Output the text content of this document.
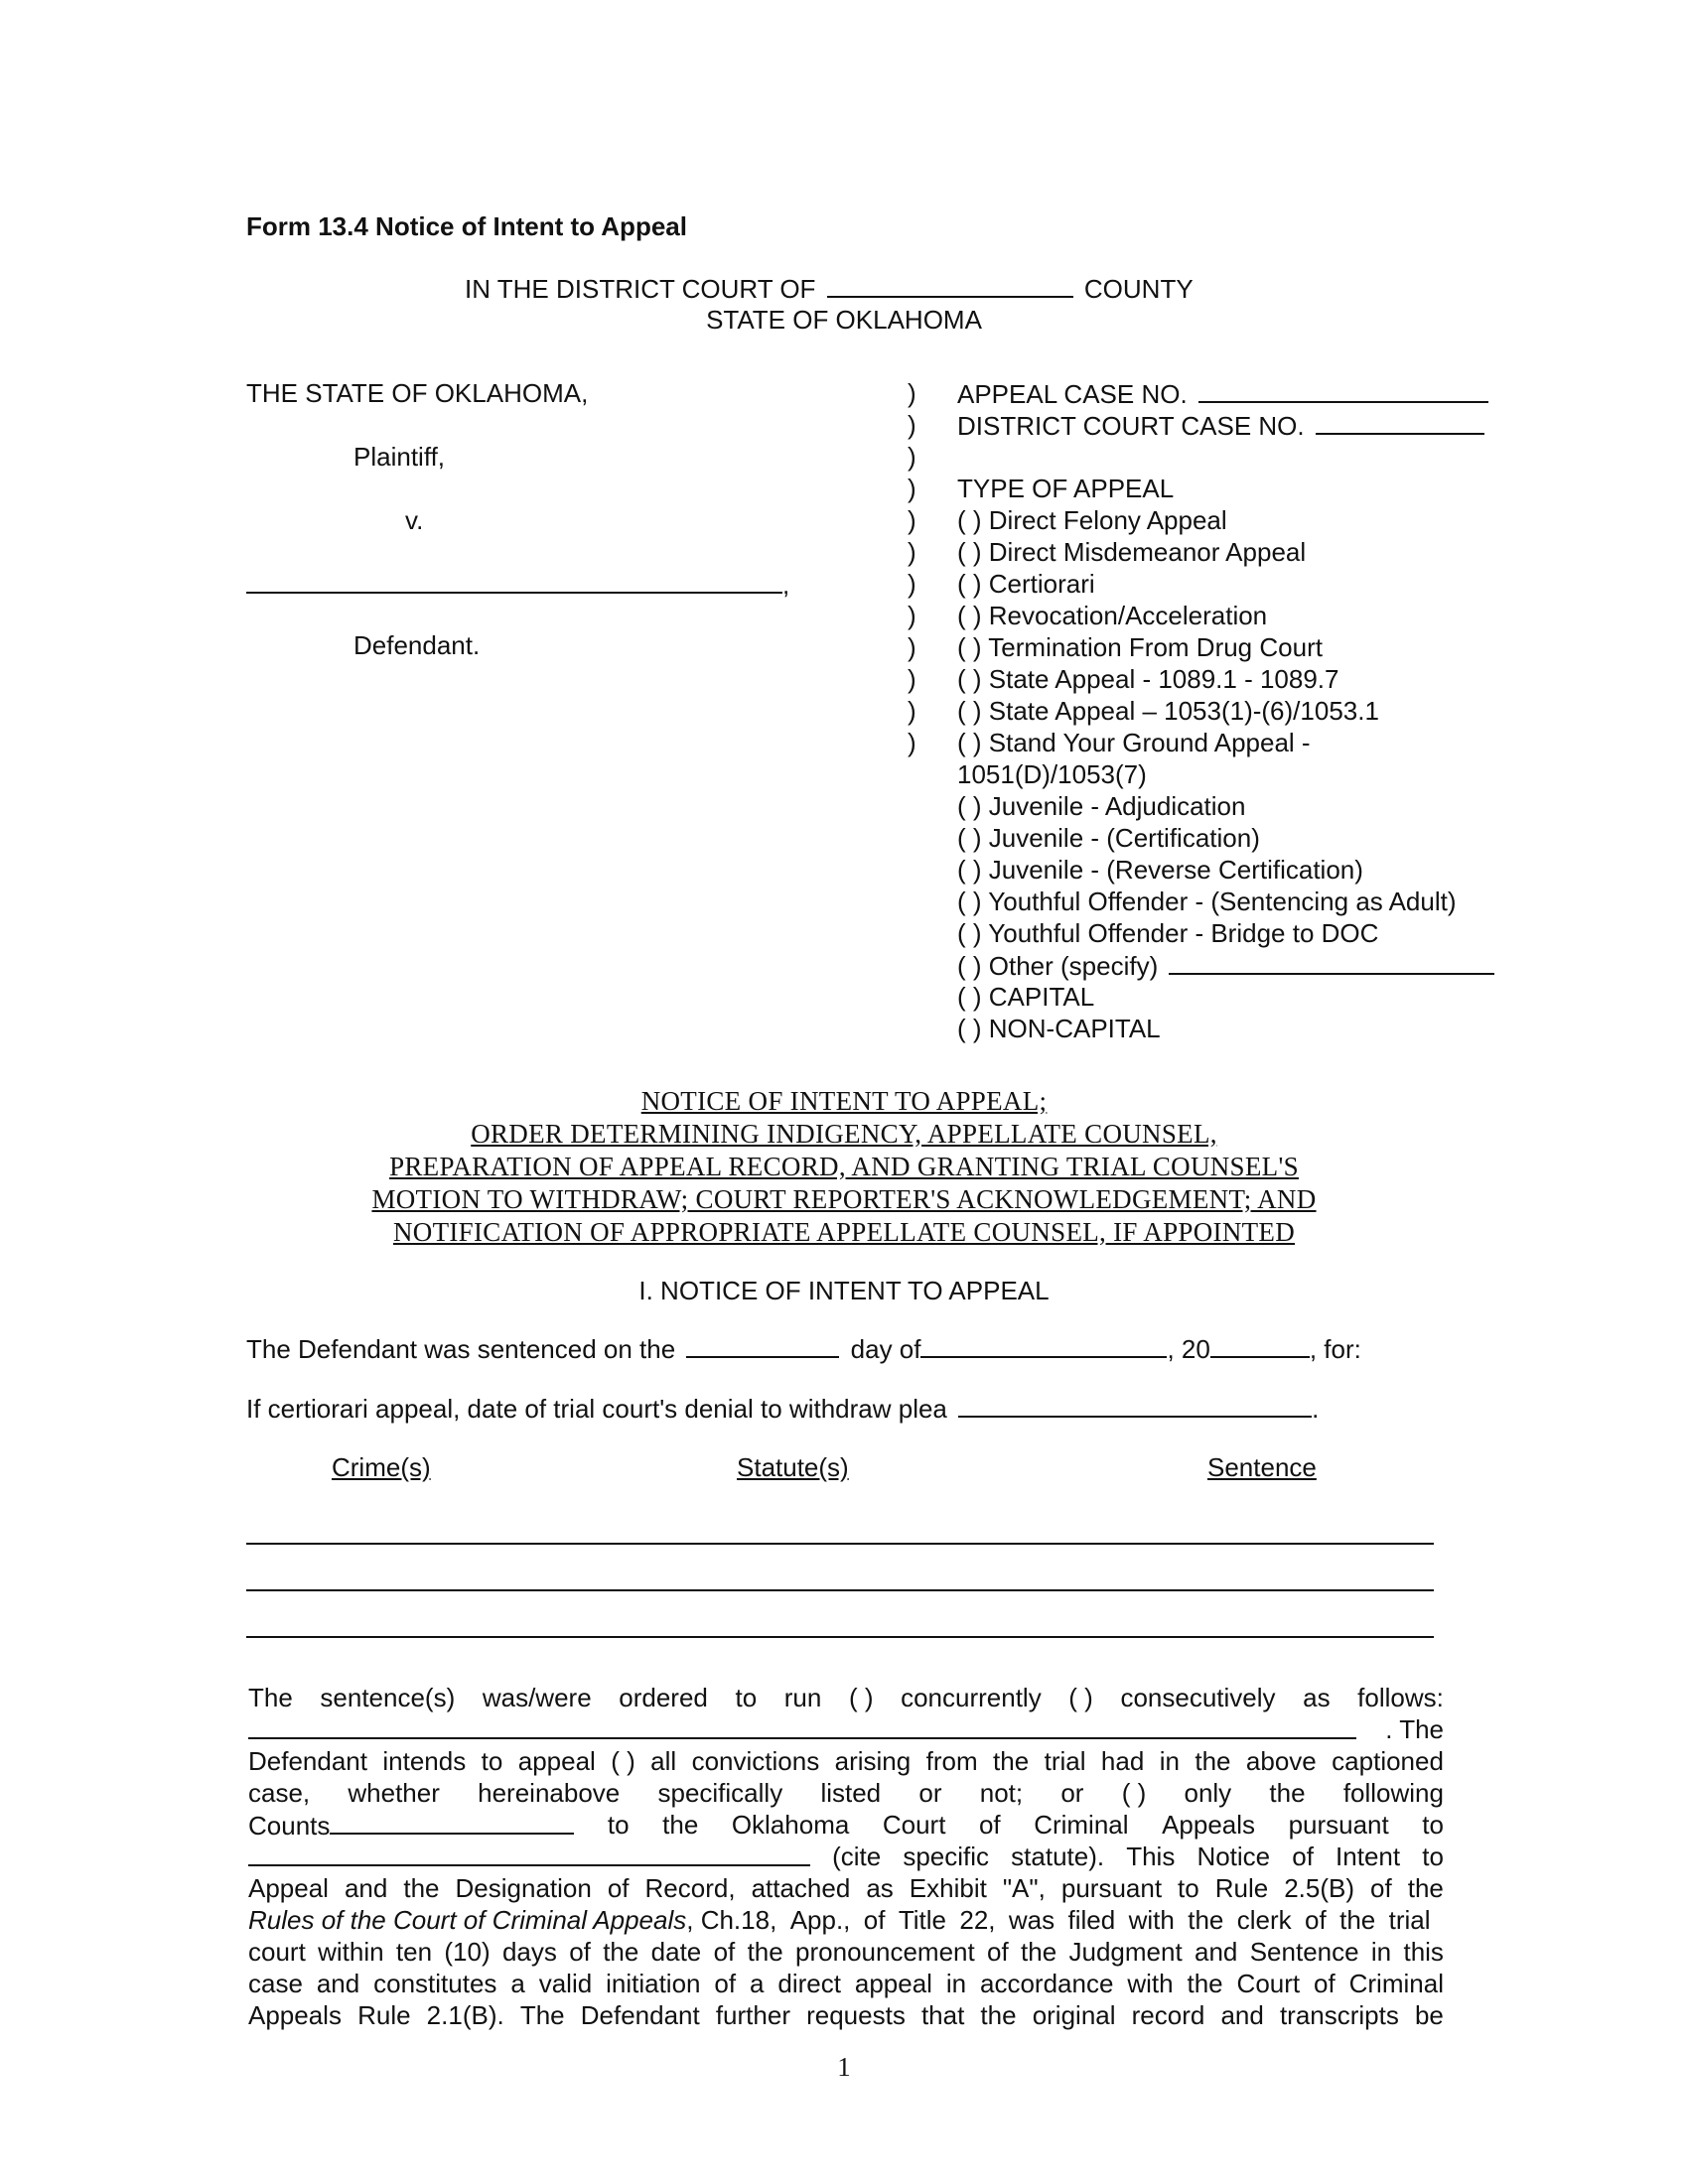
Form 13.4 Notice of Intent to Appeal
IN THE DISTRICT COURT OF	COUNTY
STATE OF OKLAHOMA
THE STATE OF OKLAHOMA,
Plaintiff,
v.
,
Defendant.
)
)
)
)
)
)
)
)
)
)
)
)
APPEAL CASE NO.
DISTRICT COURT CASE NO.
TYPE OF APPEAL
( ) Direct Felony Appeal
( ) Direct Misdemeanor Appeal
( ) Certiorari
( ) Revocation/Acceleration
( ) Termination From Drug Court
( ) State Appeal - 1089.1 - 1089.7
( ) State Appeal – 1053(1)-(6)/1053.1
( ) Stand Your Ground Appeal -
1051(D)/1053(7)
( ) Juvenile - Adjudication
( ) Juvenile - (Certification)
( ) Juvenile - (Reverse Certification)
( ) Youthful Offender - (Sentencing as Adult)
( ) Youthful Offender - Bridge to DOC
( ) Other (specify)
( ) CAPITAL
( ) NON-CAPITAL
NOTICE OF INTENT TO APPEAL;
ORDER DETERMINING INDIGENCY, APPELLATE COUNSEL,
PREPARATION OF APPEAL RECORD, AND GRANTING TRIAL COUNSEL'S
MOTION TO WITHDRAW; COURT REPORTER'S ACKNOWLEDGEMENT; AND
NOTIFICATION OF APPROPRIATE APPELLATE COUNSEL, IF APPOINTED
I. NOTICE OF INTENT TO APPEAL
The Defendant was sentenced on the	day of	, 20	, for:
If certiorari appeal, date of trial court's denial to withdraw plea	.
Crime(s)	Statute(s)	Sentence
The sentence(s) was/were ordered to run ( ) concurrently ( ) consecutively as follows:
. The
Defendant intends to appeal ( ) all convictions arising from the trial had in the above captioned
case, whether hereinabove specifically listed or not; or ( ) only the following
Counts	to the Oklahoma Court of Criminal Appeals pursuant to
(cite specific statute). This Notice of Intent to
Appeal and the Designation of Record, attached as Exhibit "A", pursuant to Rule 2.5(B) of the
Rules of the Court of Criminal Appeals, Ch.18, App., of Title 22, was filed with the clerk of the trial
court within ten (10) days of the date of the pronouncement of the Judgment and Sentence in this
case and constitutes a valid initiation of a direct appeal in accordance with the Court of Criminal
Appeals Rule 2.1(B). The Defendant further requests that the original record and transcripts be
1
